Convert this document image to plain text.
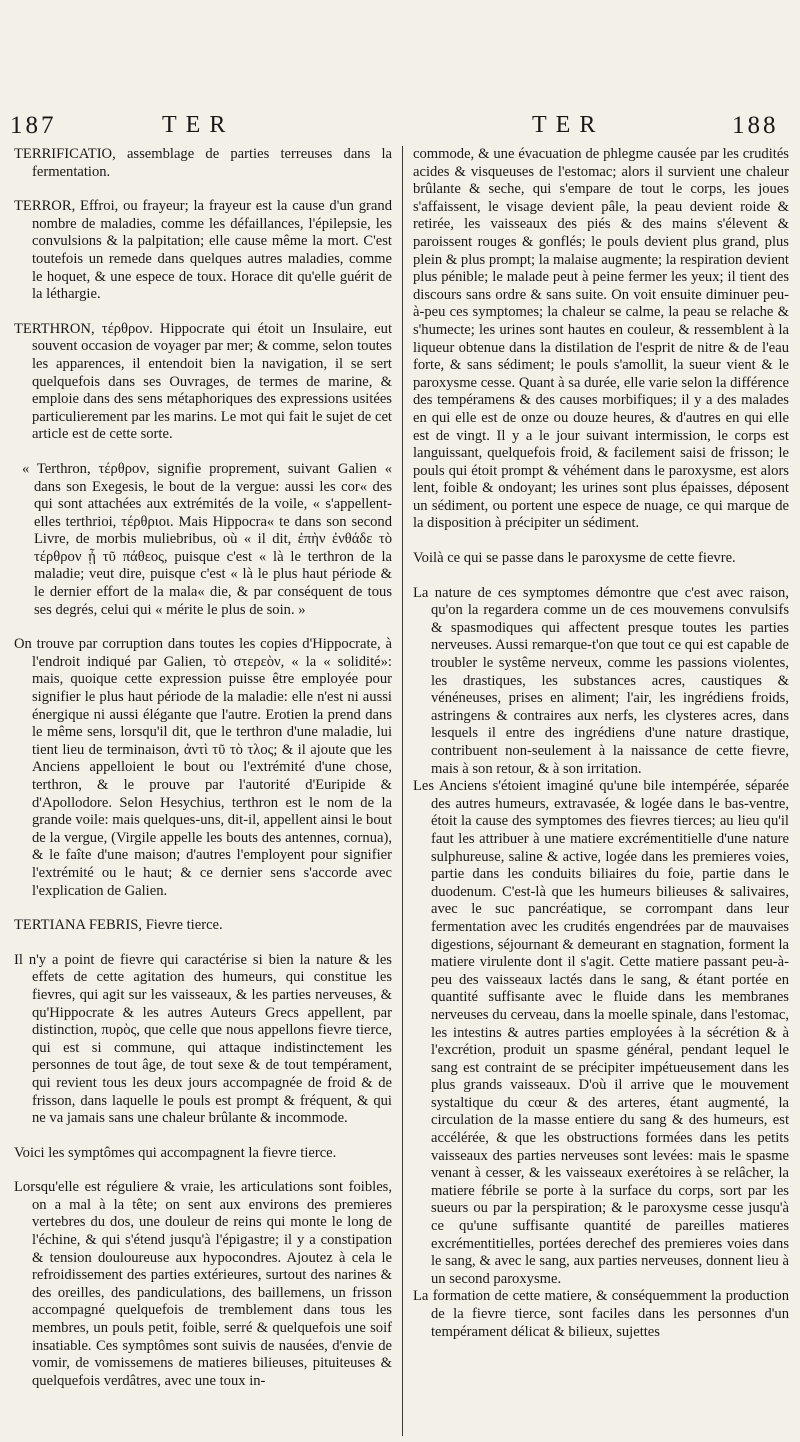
187	TER	TER	188

TERRIFICATIO, assemblage de parties terreuses dans la fermentation.

TERROR, Effroi, ou frayeur; la frayeur est la cause d'un grand nombre de maladies, comme les défaillances, l'épilepsie, les convulsions & la palpitation; elle cause même la mort. C'est toutefois un remede dans quelques autres maladies, comme le hoquet, & une espece de toux. Horace dit qu'elle guérit de la léthargie.

TERTHRON, τέρθρον. Hippocrate qui étoit un Insulaire, eut souvent occasion de voyager par mer; & comme, selon toutes les apparences, il entendoit bien la navigation, il se sert quelquefois dans ses Ouvrages, de termes de marine, & emploie dans des sens métaphoriques des expressions usitées particulierement par les marins. Le mot qui fait le sujet de cet article est de cette sorte.

« Terthron, τέρθρον, signifie proprement, suivant Galien « dans son Exegesis, le bout de la vergue: aussi les cor« des qui sont attachées aux extrémités de la voile, « s'appellent-elles terthrioi, τέρθριοι. Mais Hippocra« te dans son second Livre, de morbis muliebribus, où « il dit, ἐπὴν ἐνθάδε τὸ τέρθρον ᾖ τῦ πάθεος, puisque c'est « là le terthron de la maladie; veut dire, puisque c'est « là le plus haut période & le dernier effort de la mala« die, & par conséquent de tous ses degrés, celui qui « mérite le plus de soin. »

On trouve par corruption dans toutes les copies d'Hippocrate, à l'endroit indiqué par Galien, τὸ στερεὸν, « la « solidité»: mais, quoique cette expression puisse être employée pour signifier le plus haut période de la maladie: elle n'est ni aussi énergique ni aussi élégante que l'autre. Erotien la prend dans le même sens, lorsqu'il dit, que le terthron d'une maladie, lui tient lieu de terminaison, ἀντὶ τῦ τὸ τλος; & il ajoute que les Anciens appelloient le bout ou l'extrémité d'une chose, terthron, & le prouve par l'autorité d'Euripide & d'Apollodore. Selon Hesychius, terthron est le nom de la grande voile: mais quelques-uns, dit-il, appellent ainsi le bout de la vergue, (Virgile appelle les bouts des antennes, cornua), & le faîte d'une maison; d'autres l'employent pour signifier l'extrémité ou le haut; & ce dernier sens s'accorde avec l'explication de Galien.

TERTIANA FEBRIS, Fievre tierce.

Il n'y a point de fievre qui caractérise si bien la nature & les effets de cette agitation des humeurs, qui constitue les fievres, qui agit sur les vaisseaux, & les parties nerveuses, & qu'Hippocrate & les autres Auteurs Grecs appellent, par distinction, πυρὸς, que celle que nous appellons fievre tierce, qui est si commune, qui attaque indistinctement les personnes de tout âge, de tout sexe & de tout tempérament, qui revient tous les deux jours accompagnée de froid & de frisson, dans laquelle le pouls est prompt & fréquent, & qui ne va jamais sans une chaleur brûlante & incommode.

Voici les symptômes qui accompagnent la fievre tierce.

Lorsqu'elle est réguliere & vraie, les articulations sont foibles, on a mal à la tête; on sent aux environs des premieres vertebres du dos, une douleur de reins qui monte le long de l'échine, & qui s'étend jusqu'à l'épigastre; il y a constipation & tension douloureuse aux hypocondres. Ajoutez à cela le refroidissement des parties extérieures, surtout des narines & des oreilles, des pandiculations, des baillemens, un frisson accompagné quelquefois de tremblement dans tous les membres, un pouls petit, foible, serré & quelquefois une soif insatiable. Ces symptômes sont suivis de nausées, d'envie de vomir, de vomissemens de matieres bilieuses, pituiteuses & quelquefois verdâtres, avec une toux in-

commode, & une évacuation de phlegme causée par les crudités acides & visqueuses de l'estomac; alors il survient une chaleur brûlante & seche, qui s'empare de tout le corps, les joues s'affaissent, le visage devient pâle, la peau devient roide & retirée, les vaisseaux des piés & des mains s'élevent & paroissent rouges & gonflés; le pouls devient plus grand, plus plein & plus prompt; la malaise augmente; la respiration devient plus pénible; le malade peut à peine fermer les yeux; il tient des discours sans ordre & sans suite. On voit ensuite diminuer peu-à-peu ces symptomes; la chaleur se calme, la peau se relache & s'humecte; les urines sont hautes en couleur, & ressemblent à la liqueur obtenue dans la distilation de l'esprit de nitre & de l'eau forte, & sans sédiment; le pouls s'amollit, la sueur vient & le paroxysme cesse. Quant à sa durée, elle varie selon la différence des tempéramens & des causes morbifiques; il y a des malades en qui elle est de onze ou douze heures, & d'autres en qui elle est de vingt. Il y a le jour suivant intermission, le corps est languissant, quelquefois froid, & facilement saisi de frisson; le pouls qui étoit prompt & véhément dans le paroxysme, est alors lent, foible & ondoyant; les urines sont plus épaisses, déposent un sédiment, ou portent une espece de nuage, ce qui marque de la disposition à précipiter un sédiment.

Voilà ce qui se passe dans le paroxysme de cette fievre.

La nature de ces symptomes démontre que c'est avec raison, qu'on la regardera comme un de ces mouvemens convulsifs & spasmodiques qui affectent presque toutes les parties nerveuses. Aussi remarque-t'on que tout ce qui est capable de troubler le systême nerveux, comme les passions violentes, les drastiques, les substances acres, caustiques & vénéneuses, prises en aliment; l'air, les ingrédiens froids, astringens & contraires aux nerfs, les clysteres acres, dans lesquels il entre des ingrédiens d'une nature drastique, contribuent non-seulement à la naissance de cette fievre, mais à son retour, & à son irritation.

Les Anciens s'étoient imaginé qu'une bile intempérée, séparée des autres humeurs, extravasée, & logée dans le bas-ventre, étoit la cause des symptomes des fievres tierces; au lieu qu'il faut les attribuer à une matiere excrémentitielle d'une nature sulphureuse, saline & active, logée dans les premieres voies, partie dans les conduits biliaires du foie, partie dans le duodenum. C'est-là que les humeurs bilieuses & salivaires, avec le suc pancréatique, se corrompant dans leur fermentation avec les crudités engendrées par de mauvaises digestions, séjournant & demeurant en stagnation, forment la matiere virulente dont il s'agit. Cette matiere passant peu-à-peu des vaisseaux lactés dans le sang, & étant portée en quantité suffisante avec le fluide dans les membranes nerveuses du cerveau, dans la moelle spinale, dans l'estomac, les intestins & autres parties employées à la sécrétion & à l'excrétion, produit un spasme général, pendant lequel le sang est contraint de se précipiter impétueusement dans les plus grands vaisseaux. D'où il arrive que le mouvement systaltique du cœur & des arteres, étant augmenté, la circulation de la masse entiere du sang & des humeurs, est accélérée, & que les obstructions formées dans les petits vaisseaux des parties nerveuses sont levées: mais le spasme venant à cesser, & les vaisseaux exerétoires à se relâcher, la matiere fébrile se porte à la surface du corps, sort par les sueurs ou par la perspiration; & le paroxysme cesse jusqu'à ce qu'une suffisante quantité de pareilles matieres excrémentitielles, portées derechef des premieres voies dans le sang, & avec le sang, aux parties nerveuses, donnent lieu à un second paroxysme.

La formation de cette matiere, & conséquemment la production de la fievre tierce, sont faciles dans les personnes d'un tempérament délicat & bilieux, sujettes
